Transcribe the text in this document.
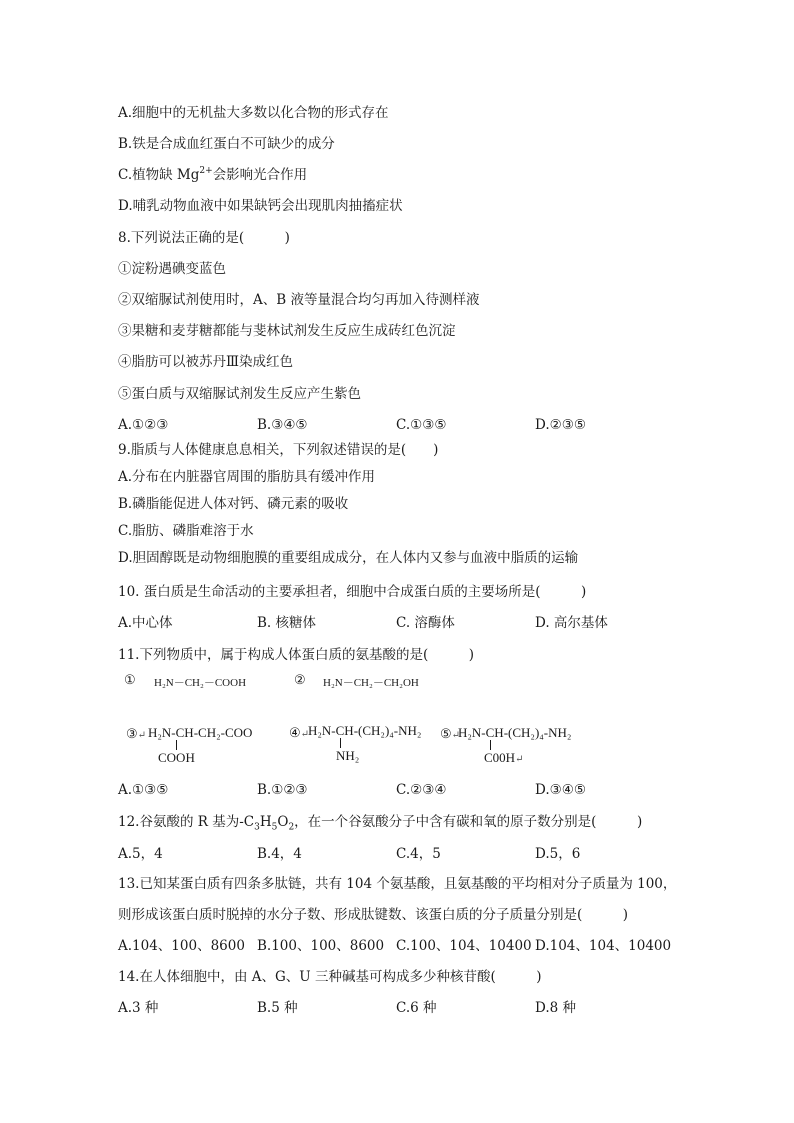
A.细胞中的无机盐大多数以化合物的形式存在
B.铁是合成血红蛋白不可缺少的成分
C.植物缺 $Mg^{2+}$会影响光合作用
D.哺乳动物血液中如果缺钙会出现肌肉抽搐症状
8.下列说法正确的是(　　　)
①淀粉遇碘变蓝色
②双缩脲试剂使用时，A、B 液等量混合均匀再加入待测样液
③果糖和麦芽糖都能与斐林试剂发生反应生成砖红色沉淀
④脂肪可以被苏丹Ⅲ染成红色
⑤蛋白质与双缩脲试剂发生反应产生紫色
A.①②③	B.③④⑤	C.①③⑤	D.②③⑤
9.脂质与人体健康息息相关，下列叙述错误的是(　　)
A.分布在内脏器官周围的脂肪具有缓冲作用
B.磷脂能促进人体对钙、磷元素的吸收
C.脂肪、磷脂难溶于水
D.胆固醇既是动物细胞膜的重要组成成分，在人体内又参与血液中脂质的运输
10. 蛋白质是生命活动的主要承担者，细胞中合成蛋白质的主要场所是(　　　)
A.中心体	B. 核糖体	C. 溶酶体	D. 高尔基体
11.下列物质中，属于构成人体蛋白质的氨基酸的是(　　　)
① H₂N－CH₂－COOH	② H₂N－CH₂－CH₂OH
③↵ H₂N-CH-CH₂-COO
COOH
④↵
H₂N-CH-(CH₂)₄-NH₂
NH₂
⑤↵
H₂N-CH-(CH₂)₄-NH₂
C00H↵
A.①③⑤	B.①②③	C.②③④	D.③④⑤
12.谷氨酸的 R 基为$-C_3H_5O_2$，在一个谷氨酸分子中含有碳和氧的原子数分别是(　　　)
A.5，4	B.4，4	C.4，5	D.5，6
13.已知某蛋白质有四条多肽链，共有 104 个氨基酸，且氨基酸的平均相对分子质量为 100，
则形成该蛋白质时脱掉的水分子数、形成肽键数、该蛋白质的分子质量分别是(　　　)
A.104、100、8600 B.100、100、8600 C.100、104、10400 D.104、104、10400
14.在人体细胞中，由 A、G、U 三种碱基可构成多少种核苷酸(　　　)
A.3 种	B.5 种	C.6 种	D.8 种
